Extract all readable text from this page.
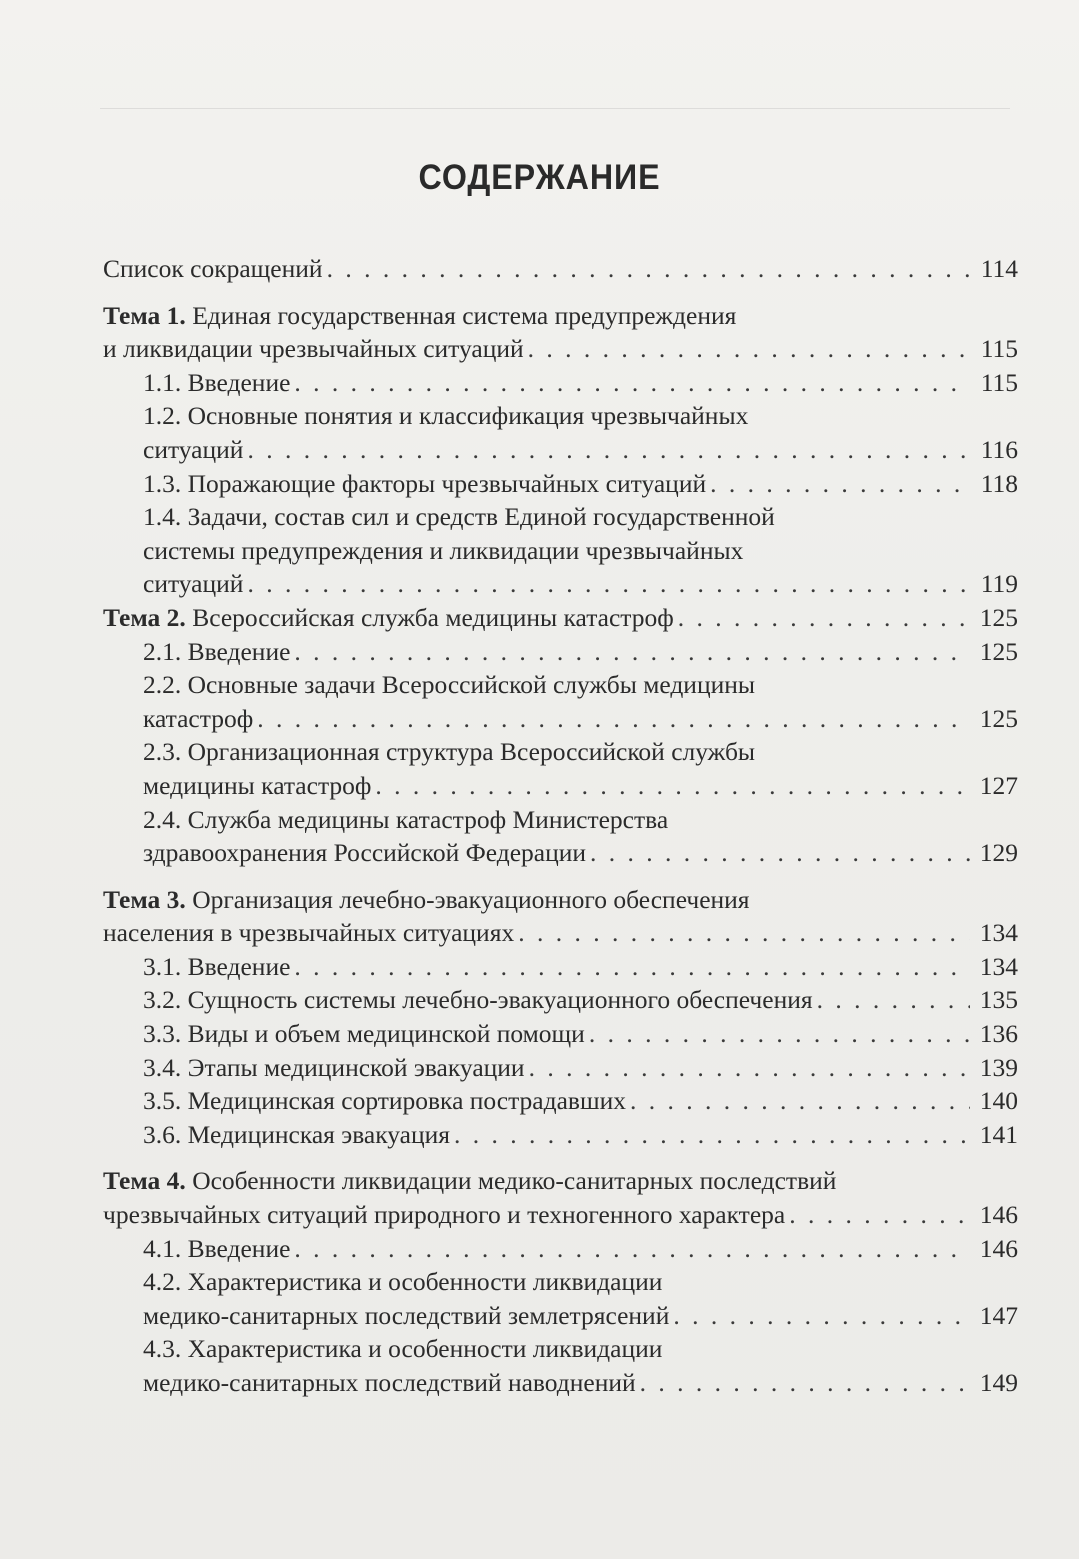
СОДЕРЖАНИЕ
Список сокращений . . .	114
Тема 1. Единая государственная система предупреждения
и ликвидации чрезвычайных ситуаций . . .	115
1.1. Введение . . .	115
1.2. Основные понятия и классификация чрезвычайных
ситуаций . . .	116
1.3. Поражающие факторы чрезвычайных ситуаций . . .	118
1.4. Задачи, состав сил и средств Единой государственной
системы предупреждения и ликвидации чрезвычайных
ситуаций . . .	119
Тема 2. Всероссийская служба медицины катастроф . . .	125
2.1. Введение . . .	125
2.2. Основные задачи Всероссийской службы медицины
катастроф . . .	125
2.3. Организационная структура Всероссийской службы
медицины катастроф . . .	127
2.4. Служба медицины катастроф Министерства
здравоохранения Российской Федерации . . .	129
Тема 3. Организация лечебно-эвакуационного обеспечения
населения в чрезвычайных ситуациях . . .	134
3.1. Введение . . .	134
3.2. Сущность системы лечебно-эвакуационного обеспечения . . .	135
3.3. Виды и объем медицинской помощи . . .	136
3.4. Этапы медицинской эвакуации . . .	139
3.5. Медицинская сортировка пострадавших . . .	140
3.6. Медицинская эвакуация . . .	141
Тема 4. Особенности ликвидации медико-санитарных последствий
чрезвычайных ситуаций природного и техногенного характера . . .	146
4.1. Введение . . .	146
4.2. Характеристика и особенности ликвидации
медико-санитарных последствий землетрясений . . .	147
4.3. Характеристика и особенности ликвидации
медико-санитарных последствий наводнений . . .	149
